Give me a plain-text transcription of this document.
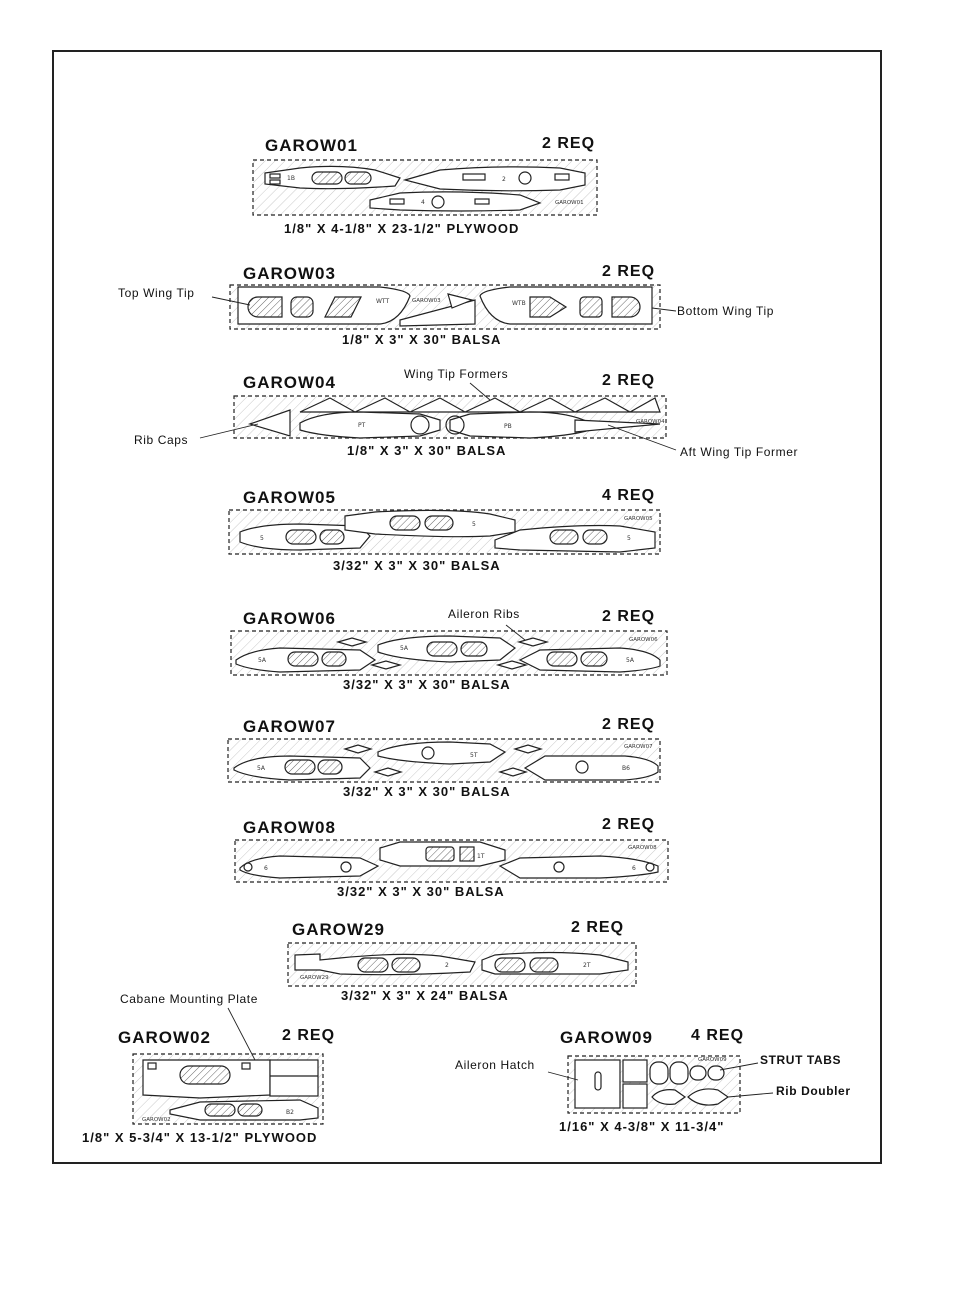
1B	2
4
WTT	WTB
PT	PB
5
5
5
5A
5A
5A
5A
5T
B6
6
1T
6
2	2T
B2
GAROW01
GAROW03
GAROW04
GAROW05
GAROW06
GAROW07
GAROW08
GAROW29
GAROW02
GAROW09
GAROW01	2 REQ
1/8" X 4-1/8" X 23-1/2" PLYWOOD
GAROW03	2 REQ
Top Wing Tip
Bottom Wing Tip
1/8" X 3" X 30" BALSA
Wing Tip Formers
GAROW04	2 REQ
Rib Caps
Aft Wing Tip Former
1/8" X 3" X 30" BALSA
GAROW05	4 REQ
3/32" X 3" X 30" BALSA
GAROW06	Aileron Ribs	2 REQ
3/32" X 3" X 30" BALSA
GAROW07	2 REQ
3/32" X 3" X 30" BALSA
GAROW08	2 REQ
3/32" X 3" X 30" BALSA
GAROW29	2 REQ
3/32" X 3" X 24" BALSA
Cabane Mounting Plate
GAROW02	2 REQ
1/8" X 5-3/4" X 13-1/2" PLYWOOD
GAROW09 4 REQ
Aileron Hatch	STRUT TABS
Rib Doubler
1/16" X 4-3/8" X 11-3/4"
